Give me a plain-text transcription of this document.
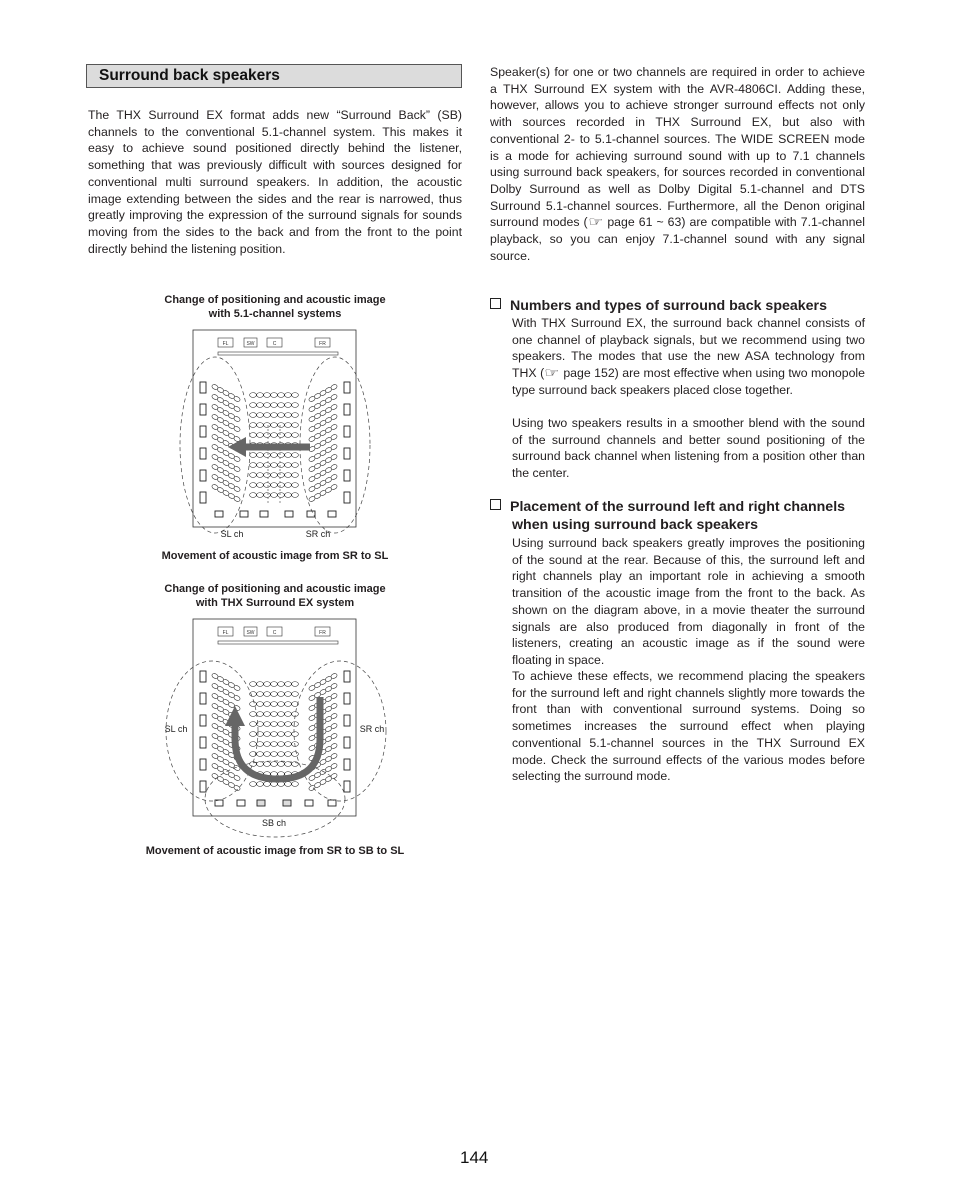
Surround back speakers

The THX Surround EX format adds new “Surround Back” (SB) channels to the conventional 5.1-channel system. This makes it easy to achieve sound positioned directly behind the listener, something that was previously difficult with sources designed for conventional multi surround speakers. In addition, the acoustic image extending between the sides and the rear is narrowed, thus greatly improving the expression of the surround signals for sounds moving from the sides to the back and from the front to the point directly behind the listening position.

Change of positioning and acoustic image
with 5.1-channel systems

FL	SW	C	FR
SL ch	SR ch

Movement of acoustic image from SR to SL

Change of positioning and acoustic image
with THX Surround EX system

FL	SW	C	FR
SL ch	SR ch
SB ch

Movement of acoustic image from SR to SB to SL

Speaker(s) for one or two channels are required in order to achieve a THX Surround EX system with the AVR-4806CI. Adding these, however, allows you to achieve stronger surround effects not only with sources recorded in THX Surround EX, but also with conventional 2- to 5.1-channel sources. The WIDE SCREEN mode is a mode for achieving surround sound with up to 7.1 channels using surround back speakers, for sources recorded in conventional Dolby Surround as well as Dolby Digital 5.1-channel and DTS Surround 5.1-channel sources. Furthermore, all the Denon original surround modes (☞ page 61 ~ 63) are compatible with 7.1-channel playback, so you can enjoy 7.1-channel sound with any signal source.

Numbers and types of surround back speakers

With THX Surround EX, the surround back channel consists of one channel of playback signals, but we recommend using two speakers. The modes that use the new ASA technology from THX (☞ page 152) are most effective when using two monopole type surround back speakers placed close together.

Using two speakers results in a smoother blend with the sound of the surround channels and better sound positioning of the surround back channel when listening from a position other than the center.

Placement of the surround left and right channels
when using surround back speakers

Using surround back speakers greatly improves the positioning of the sound at the rear. Because of this, the surround left and right channels play an important role in achieving a smooth transition of the acoustic image from the front to the back. As shown on the diagram above, in a movie theater the surround signals are also produced from diagonally in front of the listeners, creating an acoustic image as if the sound were floating in space.

To achieve these effects, we recommend placing the speakers for the surround left and right channels slightly more towards the front than with conventional surround systems. Doing so sometimes increases the surround effect when playing conventional 5.1-channel sources in the THX Surround EX mode. Check the surround effects of the various modes before selecting the surround mode.

144
